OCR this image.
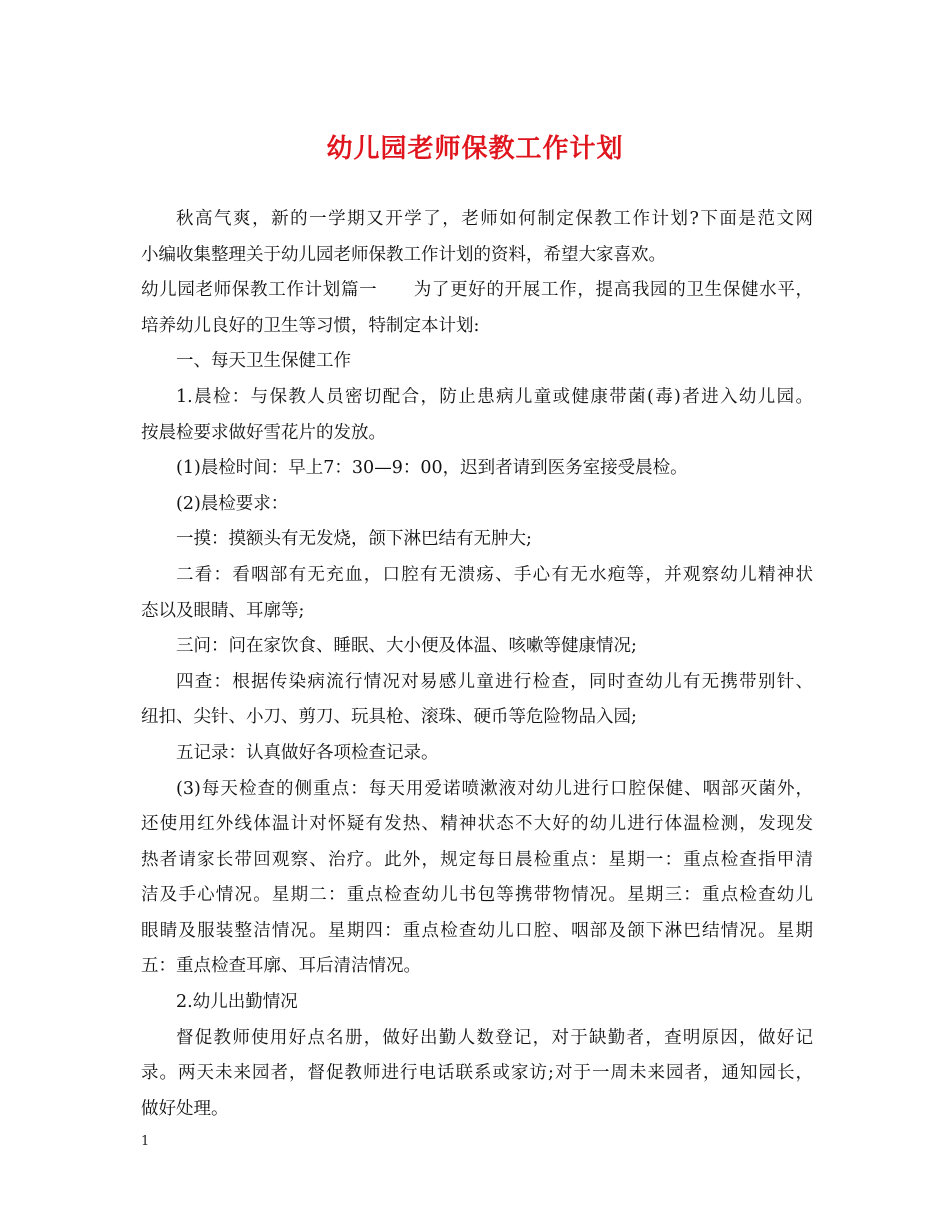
幼儿园老师保教工作计划

秋高气爽，新的一学期又开学了，老师如何制定保教工作计划?下面是范文网

小编收集整理关于幼儿园老师保教工作计划的资料，希望大家喜欢。

幼儿园老师保教工作计划篇一　　为了更好的开展工作，提高我园的卫生保健水平，

培养幼儿良好的卫生等习惯，特制定本计划:

一、每天卫生保健工作

1.晨检：与保教人员密切配合，防止患病儿童或健康带菌(毒)者进入幼儿园。

按晨检要求做好雪花片的发放。

(1)晨检时间：早上7：30—9：00，迟到者请到医务室接受晨检。

(2)晨检要求：

一摸：摸额头有无发烧，颌下淋巴结有无肿大;

二看：看咽部有无充血，口腔有无溃疡、手心有无水疱等，并观察幼儿精神状

态以及眼睛、耳廓等;

三问：问在家饮食、睡眠、大小便及体温、咳嗽等健康情况;

四查：根据传染病流行情况对易感儿童进行检查，同时查幼儿有无携带别针、

纽扣、尖针、小刀、剪刀、玩具枪、滚珠、硬币等危险物品入园;

五记录：认真做好各项检查记录。

(3)每天检查的侧重点：每天用爱诺喷漱液对幼儿进行口腔保健、咽部灭菌外，

还使用红外线体温计对怀疑有发热、精神状态不大好的幼儿进行体温检测，发现发

热者请家长带回观察、治疗。此外，规定每日晨检重点：星期一：重点检查指甲清

洁及手心情况。星期二：重点检查幼儿书包等携带物情况。星期三：重点检查幼儿

眼睛及服装整洁情况。星期四：重点检查幼儿口腔、咽部及颌下淋巴结情况。星期

五：重点检查耳廓、耳后清洁情况。

2.幼儿出勤情况

督促教师使用好点名册，做好出勤人数登记，对于缺勤者，查明原因，做好记

录。两天未来园者，督促教师进行电话联系或家访;对于一周未来园者，通知园长，

做好处理。

1
